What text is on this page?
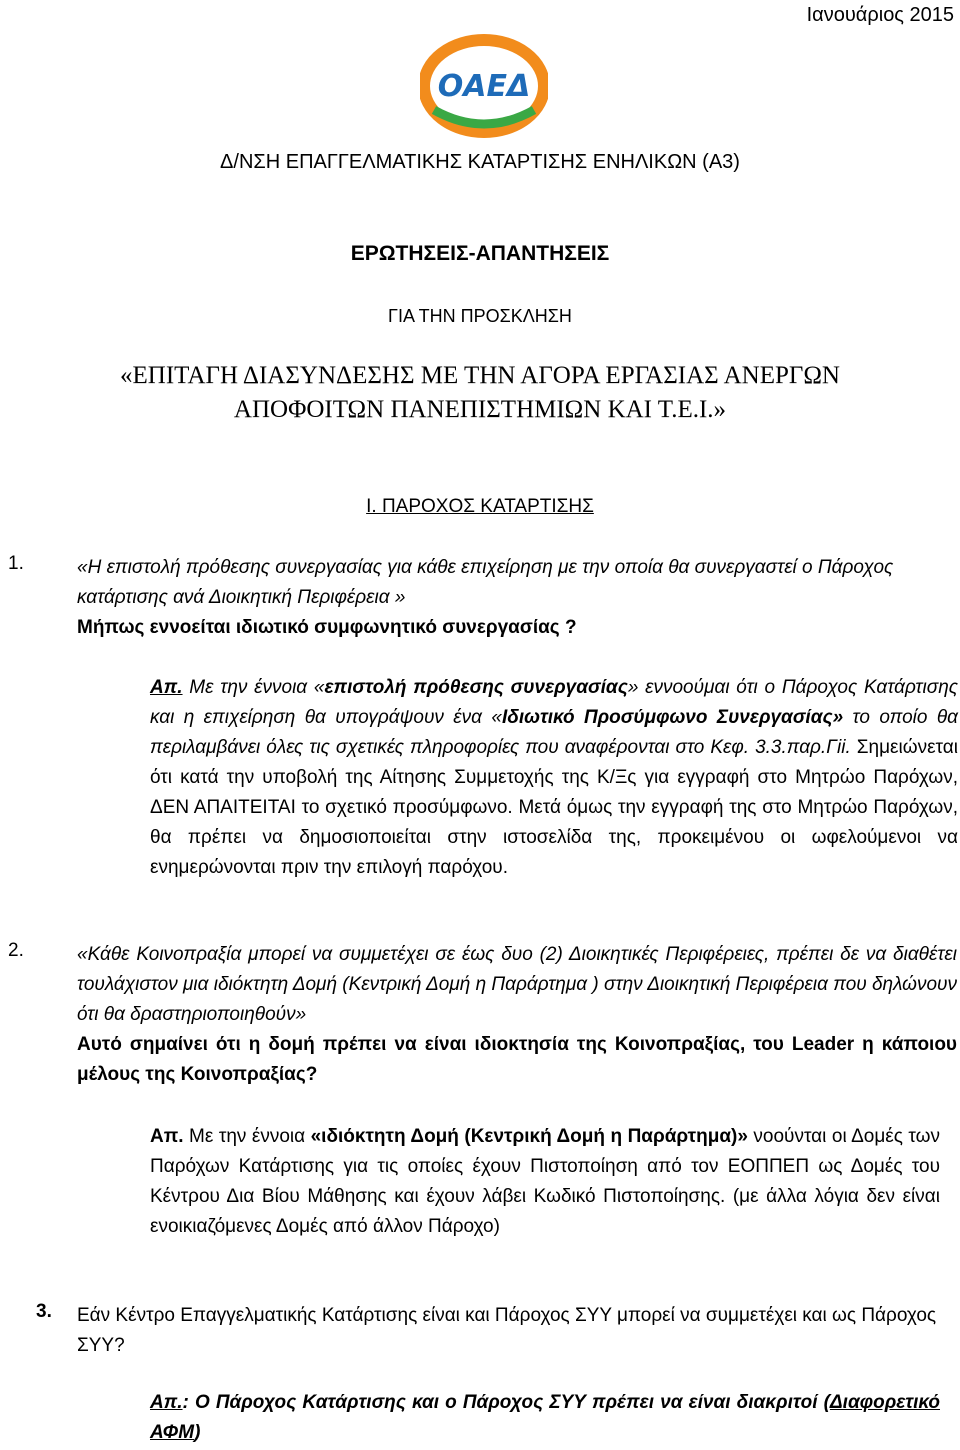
Ιανουάριος 2015
ΟΑΕΔ
Δ/ΝΣΗ ΕΠΑΓΓΕΛΜΑΤΙΚΗΣ ΚΑΤΑΡΤΙΣΗΣ ΕΝΗΛΙΚΩΝ (Α3)
ΕΡΩΤΗΣΕΙΣ-ΑΠΑΝΤΗΣΕΙΣ
ΓΙΑ ΤΗΝ ΠΡΟΣΚΛΗΣΗ
«ΕΠΙΤΑΓΗ ΔΙΑΣΥΝΔΕΣΗΣ ΜΕ ΤΗΝ ΑΓΟΡΑ ΕΡΓΑΣΙΑΣ ΑΝΕΡΓΩΝ
ΑΠΟΦΟΙΤΩΝ ΠΑΝΕΠΙΣΤΗΜΙΩΝ ΚΑΙ Τ.Ε.Ι.»
Ι. ΠΑΡΟΧΟΣ ΚΑΤΑΡΤΙΣΗΣ
1.	«Η επιστολή πρόθεσης συνεργασίας για κάθε επιχείρηση με την οποία θα συνεργαστεί ο Πάροχος κατάρτισης ανά Διοικητική Περιφέρεια »
Μήπως εννοείται ιδιωτικό συμφωνητικό συνεργασίας ?
Απ. Με την έννοια «επιστολή πρόθεσης συνεργασίας» εννοούμαι ότι ο Πάροχος Κατάρτισης και η επιχείρηση θα υπογράψουν ένα «Ιδιωτικό Προσύμφωνο Συνεργασίας» το οποίο θα περιλαμβάνει όλες τις σχετικές πληροφορίες που αναφέρονται στο Κεφ. 3.3.παρ.Γii. Σημειώνεται ότι κατά την υποβολή της Αίτησης Συμμετοχής της Κ/Ξς για εγγραφή στο Μητρώο Παρόχων, ΔΕΝ ΑΠΑΙΤΕΙΤΑΙ το σχετικό προσύμφωνο. Μετά όμως την εγγραφή της στο Μητρώο Παρόχων, θα πρέπει να δημοσιοποιείται στην ιστοσελίδα της, προκειμένου οι ωφελούμενοι να ενημερώνονται πριν την επιλογή παρόχου.
2.	«Κάθε Κοινοπραξία μπορεί να συμμετέχει σε έως δυο (2) Διοικητικές Περιφέρειες, πρέπει δε να διαθέτει τουλάχιστον μια ιδιόκτητη Δομή (Κεντρική Δομή η Παράρτημα ) στην Διοικητική Περιφέρεια που δηλώνουν ότι θα δραστηριοποιηθούν»
Αυτό σημαίνει ότι η δομή πρέπει να είναι ιδιοκτησία της Κοινοπραξίας, του Leader η κάποιου μέλους της Κοινοπραξίας?
Απ. Με την έννοια «ιδιόκτητη Δομή (Κεντρική Δομή η Παράρτημα)» νοούνται οι Δομές των Παρόχων Κατάρτισης για τις οποίες έχουν Πιστοποίηση από τον ΕΟΠΠΕΠ ως Δομές του Κέντρου Δια Βίου Μάθησης και έχουν λάβει Κωδικό Πιστοποίησης. (με άλλα λόγια δεν είναι ενοικιαζόμενες Δομές από άλλον Πάροχο)
3. Εάν Κέντρο Επαγγελματικής Κατάρτισης είναι και Πάροχος ΣΥΥ μπορεί να συμμετέχει και ως Πάροχος ΣΥΥ?
Απ.: Ο Πάροχος Κατάρτισης και ο Πάροχος ΣΥΥ πρέπει να είναι διακριτοί (Διαφορετικό ΑΦΜ)
